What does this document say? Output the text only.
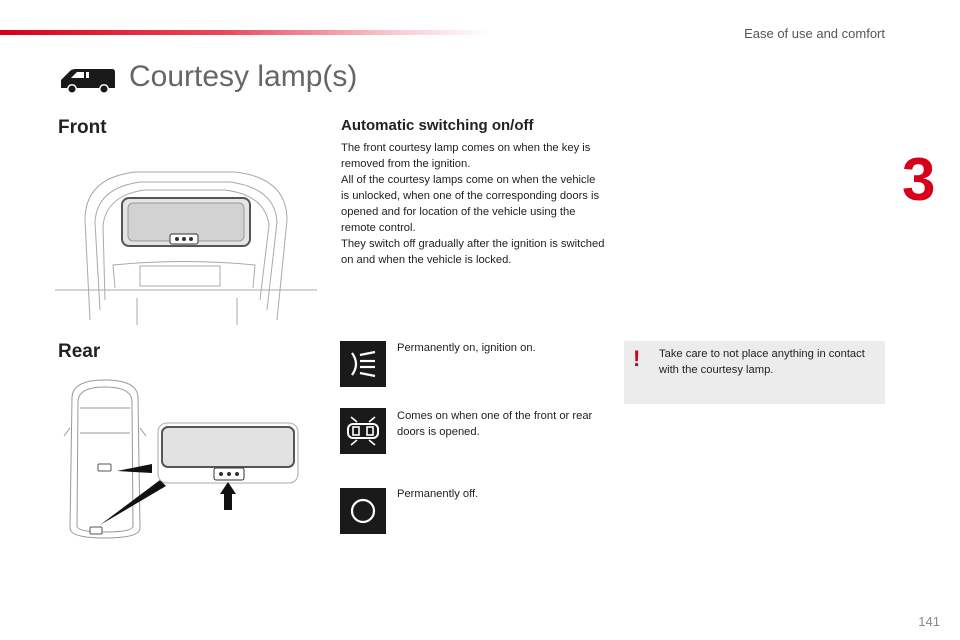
Ease of use and comfort
3
Courtesy lamp(s)
Front
Rear
Automatic switching on/off

The front courtesy lamp comes on when the key is removed from the ignition.

All of the courtesy lamps come on when the vehicle is unlocked, when one of the corresponding doors is opened and for location of the vehicle using the remote control.

They switch off gradually after the ignition is switched on and when the vehicle is locked.

Permanently on, ignition on.
Comes on when one of the front or rear doors is opened.
Permanently off.
! Take care to not place anything in contact with the courtesy lamp.
141
